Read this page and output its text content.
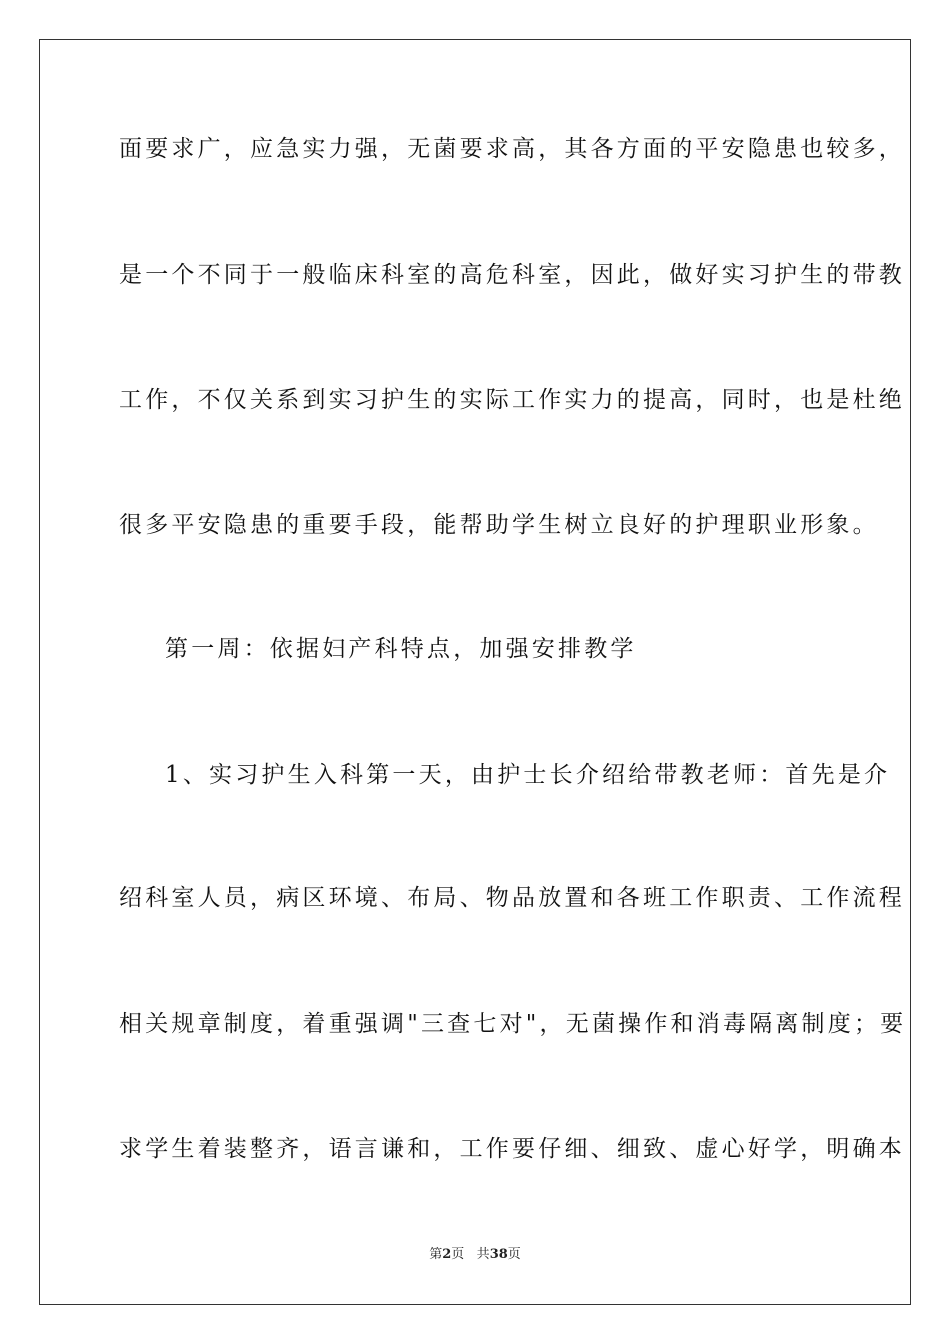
面要求广，应急实力强，无菌要求高，其各方面的平安隐患也较多，
是一个不同于一般临床科室的高危科室，因此，做好实习护生的带教
工作，不仅关系到实习护生的实际工作实力的提高，同时，也是杜绝
很多平安隐患的重要手段，能帮助学生树立良好的护理职业形象。
第一周：依据妇产科特点，加强安排教学
1、实习护生入科第一天，由护士长介绍给带教老师：首先是介
绍科室人员，病区环境、布局、物品放置和各班工作职责、工作流程
相关规章制度，着重强调"三查七对"，无菌操作和消毒隔离制度；要
求学生着装整齐，语言谦和，工作要仔细、细致、虚心好学，明确本
第2页 共38页
